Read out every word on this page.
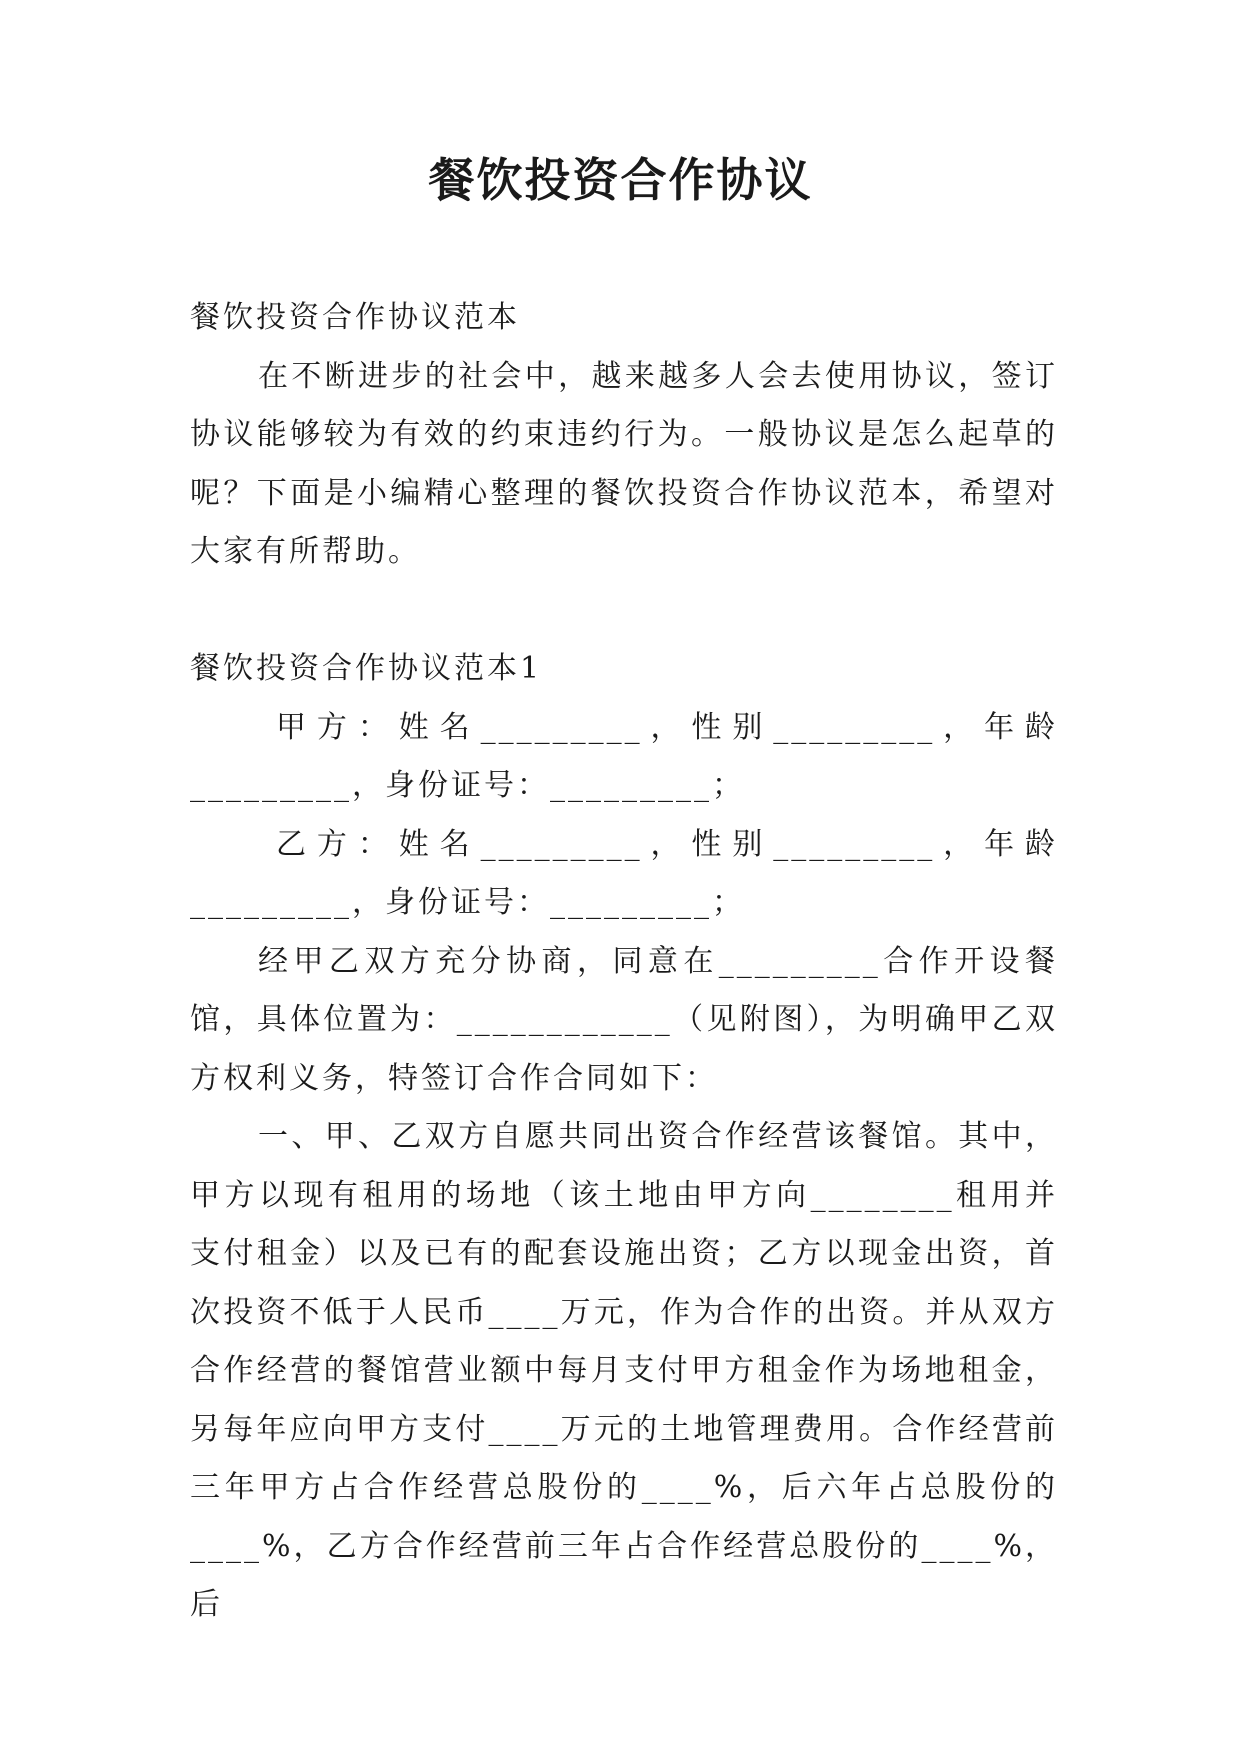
餐饮投资合作协议

餐饮投资合作协议范本

在不断进步的社会中，越来越多人会去使用协议，签订协议能够较为有效的约束违约行为。一般协议是怎么起草的呢？下面是小编精心整理的餐饮投资合作协议范本，希望对大家有所帮助。

餐饮投资合作协议范本1

甲方：姓名_________，性别_________，年龄_________，身份证号：_________；

乙方：姓名_________，性别_________，年龄_________，身份证号：_________；

经甲乙双方充分协商，同意在_________合作开设餐馆，具体位置为：____________（见附图），为明确甲乙双方权利义务，特签订合作合同如下：

一、甲、乙双方自愿共同出资合作经营该餐馆。其中，甲方以现有租用的场地（该土地由甲方向________租用并支付租金）以及已有的配套设施出资；乙方以现金出资，首次投资不低于人民币____万元，作为合作的出资。并从双方合作经营的餐馆营业额中每月支付甲方租金作为场地租金，另每年应向甲方支付____万元的土地管理费用。合作经营前三年甲方占合作经营总股份的____%，后六年占总股份的____%，乙方合作经营前三年占合作经营总股份的____%，后
